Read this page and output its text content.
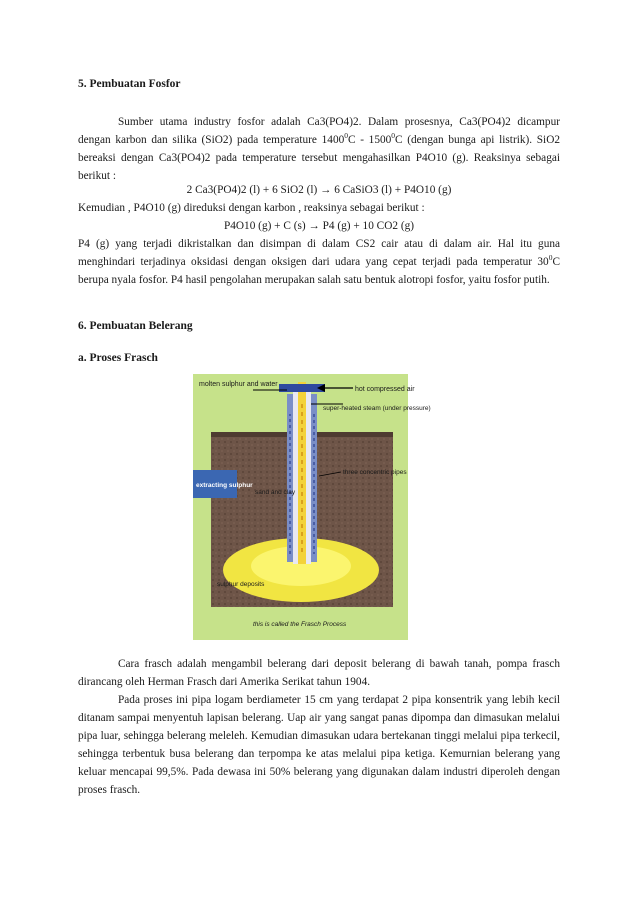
5. Pembuatan Fosfor
Sumber utama industry fosfor adalah Ca3(PO4)2. Dalam prosesnya, Ca3(PO4)2 dicampur dengan karbon dan silika (SiO2) pada temperature 1400$^0$C - 1500$^0$C (dengan bunga api listrik). SiO2 bereaksi dengan Ca3(PO4)2 pada temperature tersebut mengahasilkan P4O10 (g). Reaksinya sebagai berikut :
2 Ca3(PO4)2 (l) + 6 SiO2 (l) → 6 CaSiO3 (l) + P4O10 (g)
Kemudian , P4O10 (g) direduksi dengan karbon , reaksinya sebagai berikut :
P4O10 (g) + C (s) → P4 (g) + 10 CO2 (g)
P4 (g) yang terjadi dikristalkan dan disimpan di dalam CS2 cair atau di dalam air. Hal itu guna menghindari terjadinya oksidasi dengan oksigen dari udara yang cepat terjadi pada temperatur $30^0C$ berupa nyala fosfor. P4 hasil pengolahan merupakan salah satu bentuk alotropi fosfor, yaitu fosfor putih.
6. Pembuatan Belerang
a. Proses Frasch
Cara frasch adalah mengambil belerang dari deposit belerang di bawah tanah, pompa frasch dirancang oleh Herman Frasch dari Amerika Serikat tahun 1904.
Pada proses ini pipa logam berdiameter 15 cm yang terdapat 2 pipa konsentrik yang lebih kecil ditanam sampai menyentuh lapisan belerang. Uap air yang sangat panas dipompa dan dimasukan melalui pipa luar, sehingga belerang meleleh. Kemudian dimasukan udara bertekanan tinggi melalui pipa terkecil, sehingga terbentuk busa belerang dan terpompa ke atas melalui pipa ketiga. Kemurnian belerang yang keluar mencapai 99,5%. Pada dewasa ini 50% belerang yang digunakan dalam industri diperoleh dengan proses frasch.
hot compressed air
molten sulphur and water
super-heated steam (under pressure)
three concentric pipes
sand and clay
extracting sulphur
sulphur deposits
this is called the Frasch Process
